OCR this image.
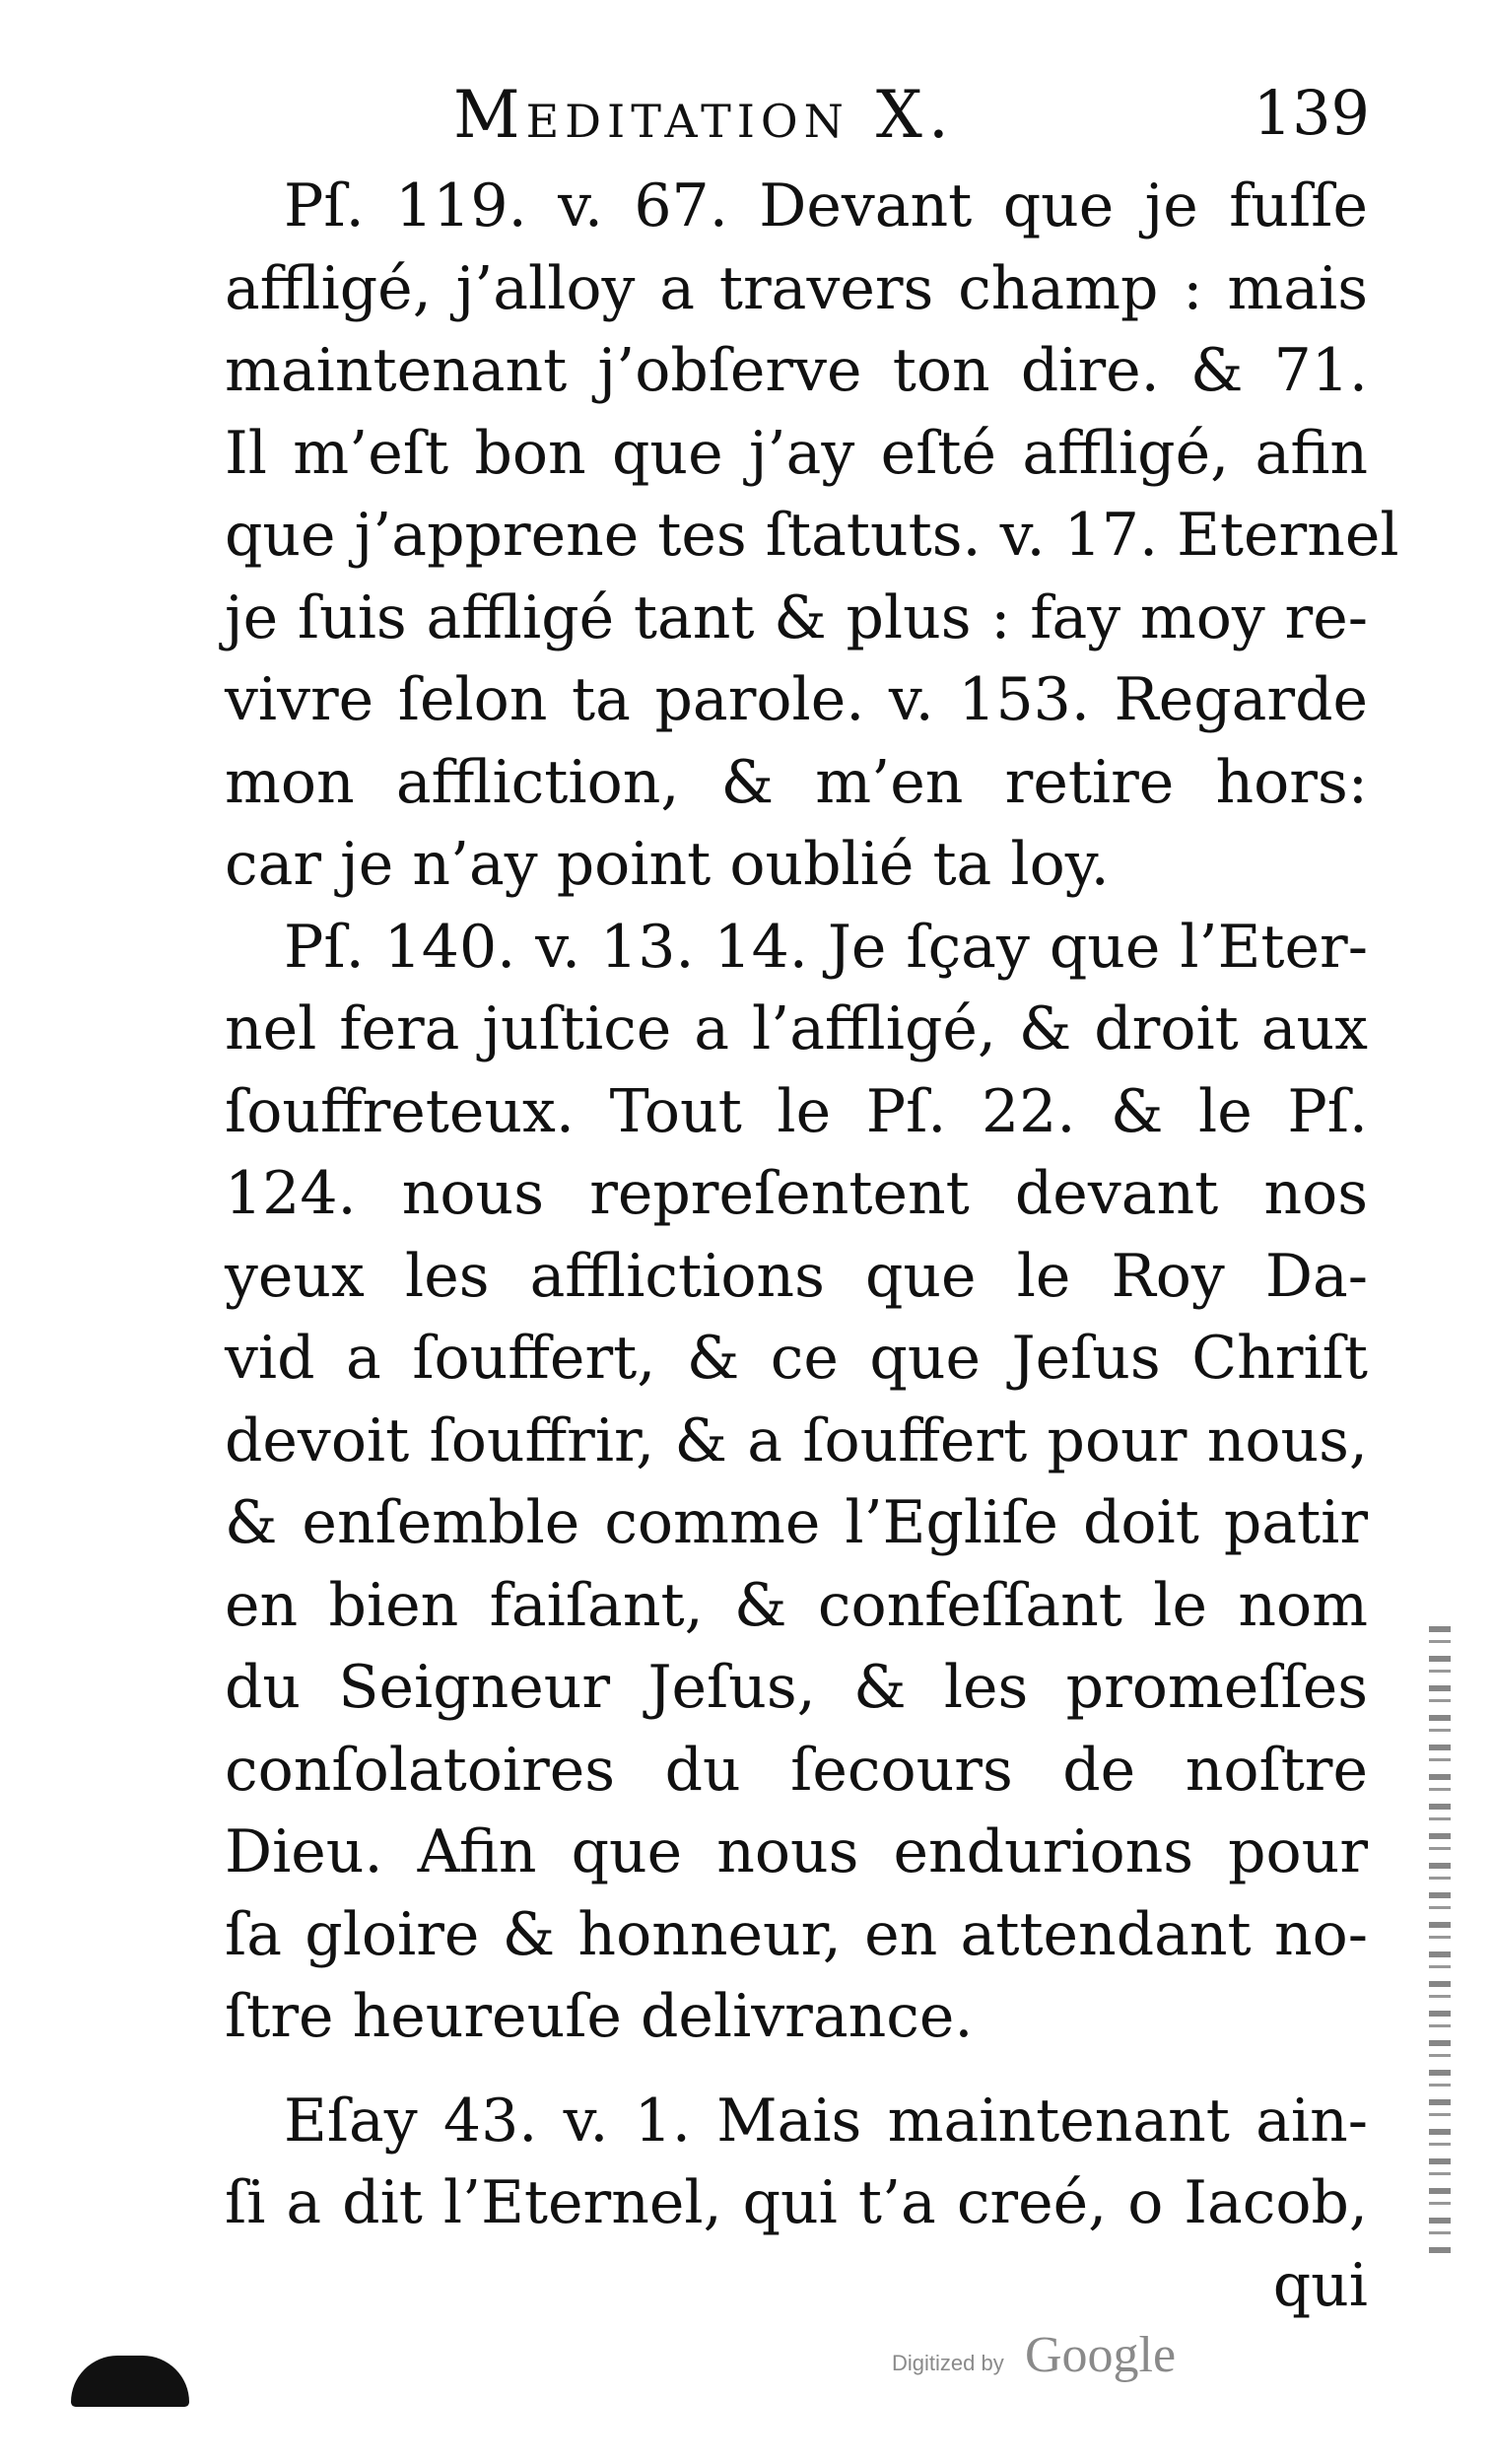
Meditation X.	139
Pſ. 119. v. 67. Devant que je fuſſe
affligé, j’alloy a travers champ : mais
maintenant j’obſerve ton dire. & 71.
Il m’eſt bon que j’ay eſté affligé, afin
que j’apprene tes ſtatuts. v. 17. Eternel
je ſuis affligé tant & plus : fay moy re-
vivre ſelon ta parole. v. 153. Regarde
mon affliction, & m’en retire hors:
car je n’ay point oublié ta loy.
Pſ. 140. v. 13. 14. Je ſçay que l’Eter-
nel fera juſtice a l’affligé, & droit aux
ſouffreteux. Tout le Pſ. 22. & le Pſ.
124. nous repreſentent devant nos
yeux les afflictions que le Roy Da-
vid a ſouffert, & ce que Jeſus Chriſt
devoit ſouffrir, & a ſouffert pour nous,
& enſemble comme l’Egliſe doit patir
en bien faiſant, & confeſſant le nom
du Seigneur Jeſus, & les promeſſes
conſolatoires du ſecours de noſtre
Dieu. Afin que nous endurions pour
ſa gloire & honneur, en attendant no-
ſtre heureuſe delivrance.
Eſay 43. v. 1. Mais maintenant ain-
ſi a dit l’Eternel, qui t’a creé, o Iacob,
qui
Digitized by Google
